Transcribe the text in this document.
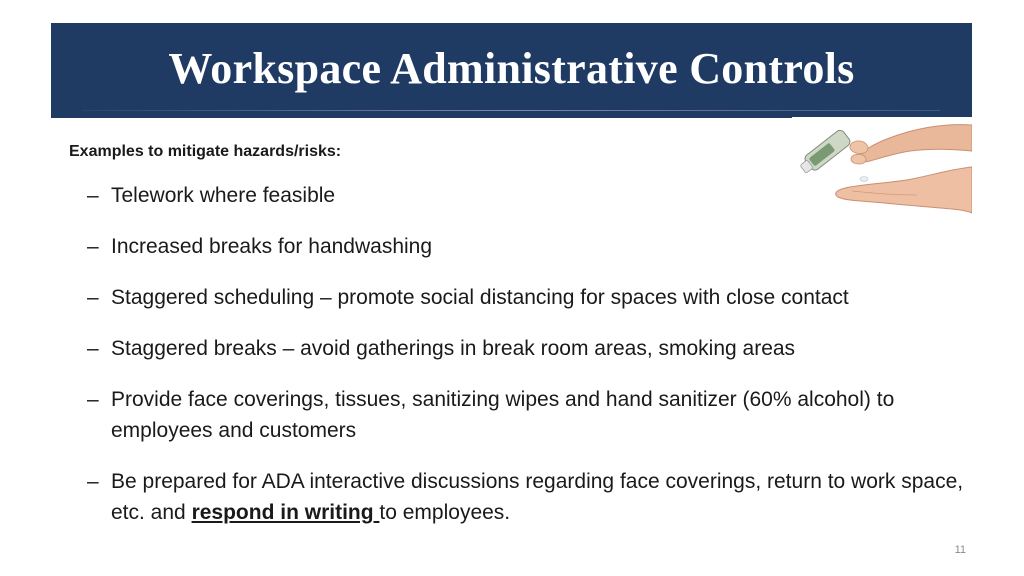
Workspace Administrative Controls
Examples to mitigate hazards/risks:
– Telework where feasible
– Increased breaks for handwashing
– Staggered scheduling – promote social distancing for spaces with close contact
– Staggered breaks – avoid gatherings in break room areas, smoking areas
– Provide face coverings, tissues, sanitizing wipes and hand sanitizer (60% alcohol) to employees and customers
– Be prepared for ADA interactive discussions regarding face coverings, return to work space, etc. and respond in writing to employees.
11
